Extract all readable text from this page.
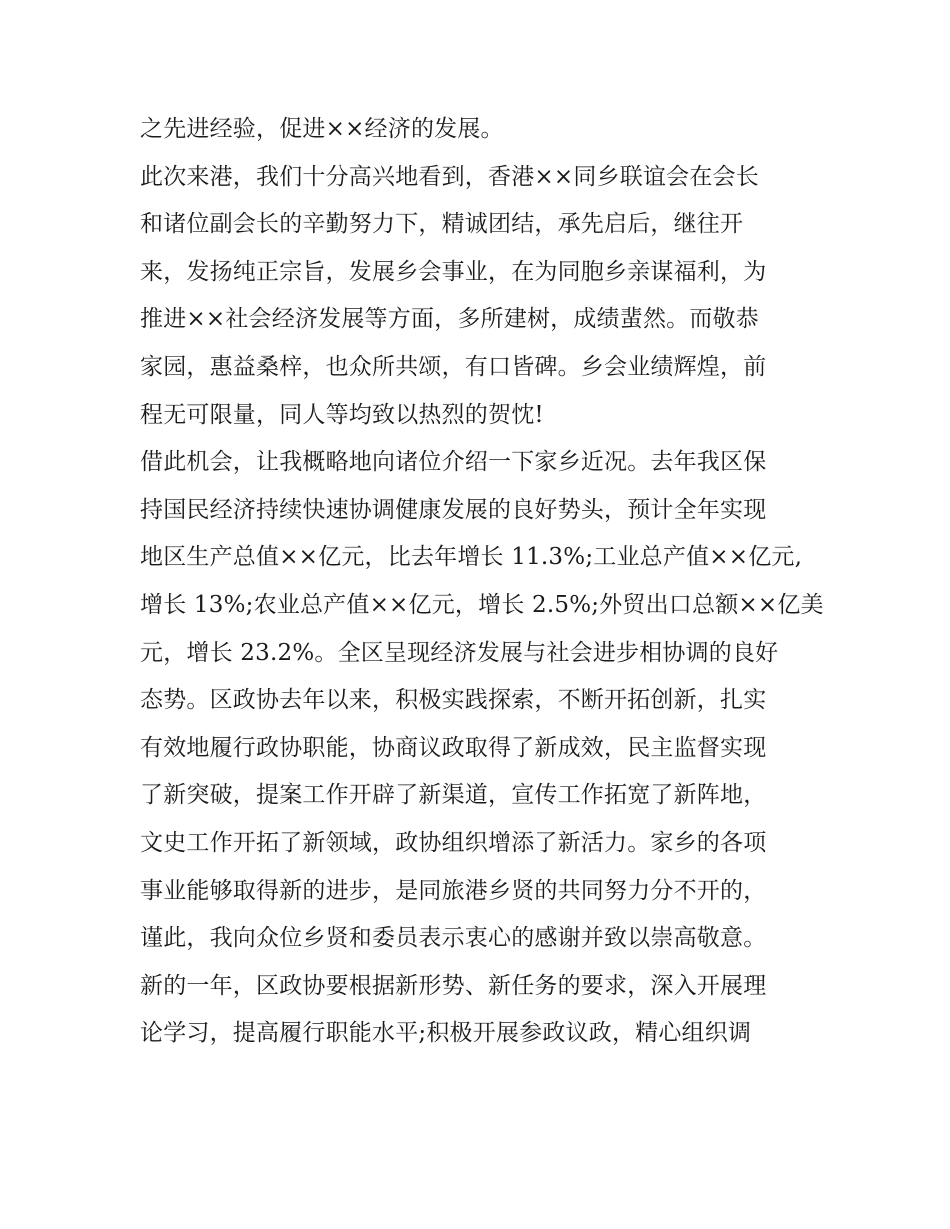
之先进经验，促进××经济的发展。
此次来港，我们十分高兴地看到，香港××同乡联谊会在会长
和诸位副会长的辛勤努力下，精诚团结，承先启后，继往开
来，发扬纯正宗旨，发展乡会事业，在为同胞乡亲谋福利，为
推进××社会经济发展等方面，多所建树，成绩蜚然。而敬恭
家园，惠益桑梓，也众所共颂，有口皆碑。乡会业绩辉煌，前
程无可限量，同人等均致以热烈的贺忱!
借此机会，让我概略地向诸位介绍一下家乡近况。去年我区保
持国民经济持续快速协调健康发展的良好势头，预计全年实现
地区生产总值××亿元，比去年增长 11.3%;工业总产值××亿元,
增长 13%;农业总产值××亿元，增长 2.5%;外贸出口总额××亿美
元，增长 23.2%。全区呈现经济发展与社会进步相协调的良好
态势。区政协去年以来，积极实践探索，不断开拓创新，扎实
有效地履行政协职能，协商议政取得了新成效，民主监督实现
了新突破，提案工作开辟了新渠道，宣传工作拓宽了新阵地，
文史工作开拓了新领域，政协组织增添了新活力。家乡的各项
事业能够取得新的进步，是同旅港乡贤的共同努力分不开的，
谨此，我向众位乡贤和委员表示衷心的感谢并致以崇高敬意。
新的一年，区政协要根据新形势、新任务的要求，深入开展理
论学习，提高履行职能水平;积极开展参政议政，精心组织调
